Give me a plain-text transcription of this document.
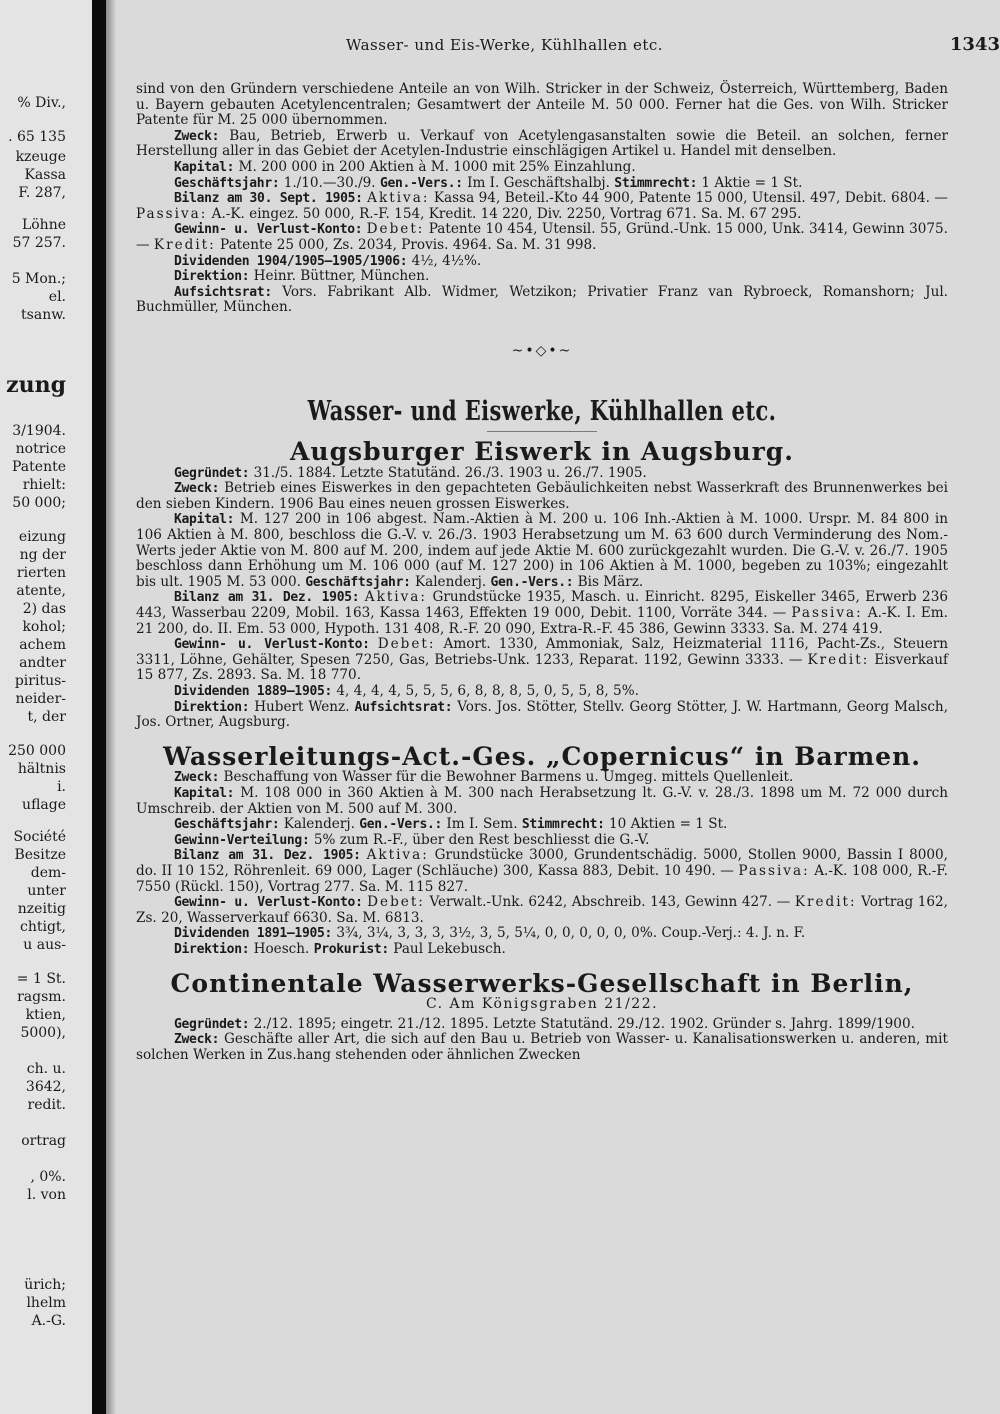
% Div.,
. 65 135
kzeuge
Kassa
F. 287,
Löhne
57 257.
5 Mon.;
el.
tsanw.
zung
3/1904.
notrice
Patente
rhielt:
50 000;
eizung
ng der
rierten
atente,
2) das
kohol;
achem
andter
piritus-
neider-
t, der
250 000
hältnis
i.
uflage
Société
Besitze
dem-
unter
nzeitig
chtigt,
u aus-
= 1 St.
ragsm.
ktien,
5000),
ch. u.
3642,
redit.
ortrag
, 0%.
l. von
ürich;
lhelm
A.-G.
Wasser- und Eis-Werke, Kühlhallen etc.	1343

sind von den Gründern verschiedene Anteile an von Wilh. Stricker in der Schweiz, Österreich, Württemberg, Baden u. Bayern gebauten Acetylencentralen; Gesamtwert der Anteile M. 50 000. Ferner hat die Ges. von Wilh. Stricker Patente für M. 25 000 übernommen.

Zweck: Bau, Betrieb, Erwerb u. Verkauf von Acetylengasanstalten sowie die Beteil. an solchen, ferner Herstellung aller in das Gebiet der Acetylen-Industrie einschlägigen Artikel u. Handel mit denselben.

Kapital: M. 200 000 in 200 Aktien à M. 1000 mit 25% Einzahlung.

Geschäftsjahr: 1./10.—30./9. Gen.-Vers.: Im I. Geschäftshalbj. Stimmrecht: 1 Aktie = 1 St.

Bilanz am 30. Sept. 1905: Aktiva: Kassa 94, Beteil.-Kto 44 900, Patente 15 000, Utensil. 497, Debit. 6804. — Passiva: A.-K. eingez. 50 000, R.-F. 154, Kredit. 14 220, Div. 2250, Vortrag 671. Sa. M. 67 295.

Gewinn- u. Verlust-Konto: Debet: Patente 10 454, Utensil. 55, Gründ.-Unk. 15 000, Unk. 3414, Gewinn 3075. — Kredit: Patente 25 000, Zs. 2034, Provis. 4964. Sa. M. 31 998.

Dividenden 1904/1905—1905/1906: 4½, 4½%.

Direktion: Heinr. Büttner, München.

Aufsichtsrat: Vors. Fabrikant Alb. Widmer, Wetzikon; Privatier Franz van Rybroeck, Romanshorn; Jul. Buchmüller, München.

~•◇•~
Wasser- und Eiswerke, Kühlhallen etc.
Augsburger Eiswerk in Augsburg.

Gegründet: 31./5. 1884. Letzte Statutänd. 26./3. 1903 u. 26./7. 1905.

Zweck: Betrieb eines Eiswerkes in den gepachteten Gebäulichkeiten nebst Wasserkraft des Brunnenwerkes bei den sieben Kindern. 1906 Bau eines neuen grossen Eiswerkes.

Kapital: M. 127 200 in 106 abgest. Nam.-Aktien à M. 200 u. 106 Inh.-Aktien à M. 1000. Urspr. M. 84 800 in 106 Aktien à M. 800, beschloss die G.-V. v. 26./3. 1903 Herabsetzung um M. 63 600 durch Verminderung des Nom.-Werts jeder Aktie von M. 800 auf M. 200, indem auf jede Aktie M. 600 zurückgezahlt wurden. Die G.-V. v. 26./7. 1905 beschloss dann Erhöhung um M. 106 000 (auf M. 127 200) in 106 Aktien à M. 1000, begeben zu 103%; eingezahlt bis ult. 1905 M. 53 000. Geschäftsjahr: Kalenderj. Gen.-Vers.: Bis März.

Bilanz am 31. Dez. 1905: Aktiva: Grundstücke 1935, Masch. u. Einricht. 8295, Eiskeller 3465, Erwerb 236 443, Wasserbau 2209, Mobil. 163, Kassa 1463, Effekten 19 000, Debit. 1100, Vorräte 344. — Passiva: A.-K. I. Em. 21 200, do. II. Em. 53 000, Hypoth. 131 408, R.-F. 20 090, Extra-R.-F. 45 386, Gewinn 3333. Sa. M. 274 419.

Gewinn- u. Verlust-Konto: Debet: Amort. 1330, Ammoniak, Salz, Heizmaterial 1116, Pacht-Zs., Steuern 3311, Löhne, Gehälter, Spesen 7250, Gas, Betriebs-Unk. 1233, Reparat. 1192, Gewinn 3333. — Kredit: Eisverkauf 15 877, Zs. 2893. Sa. M. 18 770.

Dividenden 1889—1905: 4, 4, 4, 4, 5, 5, 5, 6, 8, 8, 8, 5, 0, 5, 5, 8, 5%.

Direktion: Hubert Wenz. Aufsichtsrat: Vors. Jos. Stötter, Stellv. Georg Stötter, J. W. Hartmann, Georg Malsch, Jos. Ortner, Augsburg.

Wasserleitungs-Act.-Ges. „Copernicus“ in Barmen.

Zweck: Beschaffung von Wasser für die Bewohner Barmens u. Umgeg. mittels Quellenleit.

Kapital: M. 108 000 in 360 Aktien à M. 300 nach Herabsetzung lt. G.-V. v. 28./3. 1898 um M. 72 000 durch Umschreib. der Aktien von M. 500 auf M. 300.

Geschäftsjahr: Kalenderj. Gen.-Vers.: Im I. Sem. Stimmrecht: 10 Aktien = 1 St.

Gewinn-Verteilung: 5% zum R.-F., über den Rest beschliesst die G.-V.

Bilanz am 31. Dez. 1905: Aktiva: Grundstücke 3000, Grundentschädig. 5000, Stollen 9000, Bassin I 8000, do. II 10 152, Röhrenleit. 69 000, Lager (Schläuche) 300, Kassa 883, Debit. 10 490. — Passiva: A.-K. 108 000, R.-F. 7550 (Rückl. 150), Vortrag 277. Sa. M. 115 827.

Gewinn- u. Verlust-Konto: Debet: Verwalt.-Unk. 6242, Abschreib. 143, Gewinn 427. — Kredit: Vortrag 162, Zs. 20, Wasserverkauf 6630. Sa. M. 6813.

Dividenden 1891—1905: 3¾, 3¼, 3, 3, 3, 3½, 3, 5, 5¼, 0, 0, 0, 0, 0, 0%. Coup.-Verj.: 4. J. n. F.

Direktion: Hoesch. Prokurist: Paul Lekebusch.

Continentale Wasserwerks-Gesellschaft in Berlin,
C. Am Königsgraben 21/22.

Gegründet: 2./12. 1895; eingetr. 21./12. 1895. Letzte Statutänd. 29./12. 1902. Gründer s. Jahrg. 1899/1900.

Zweck: Geschäfte aller Art, die sich auf den Bau u. Betrieb von Wasser- u. Kanalisationswerken u. anderen, mit solchen Werken in Zus.hang stehenden oder ähnlichen Zwecken
